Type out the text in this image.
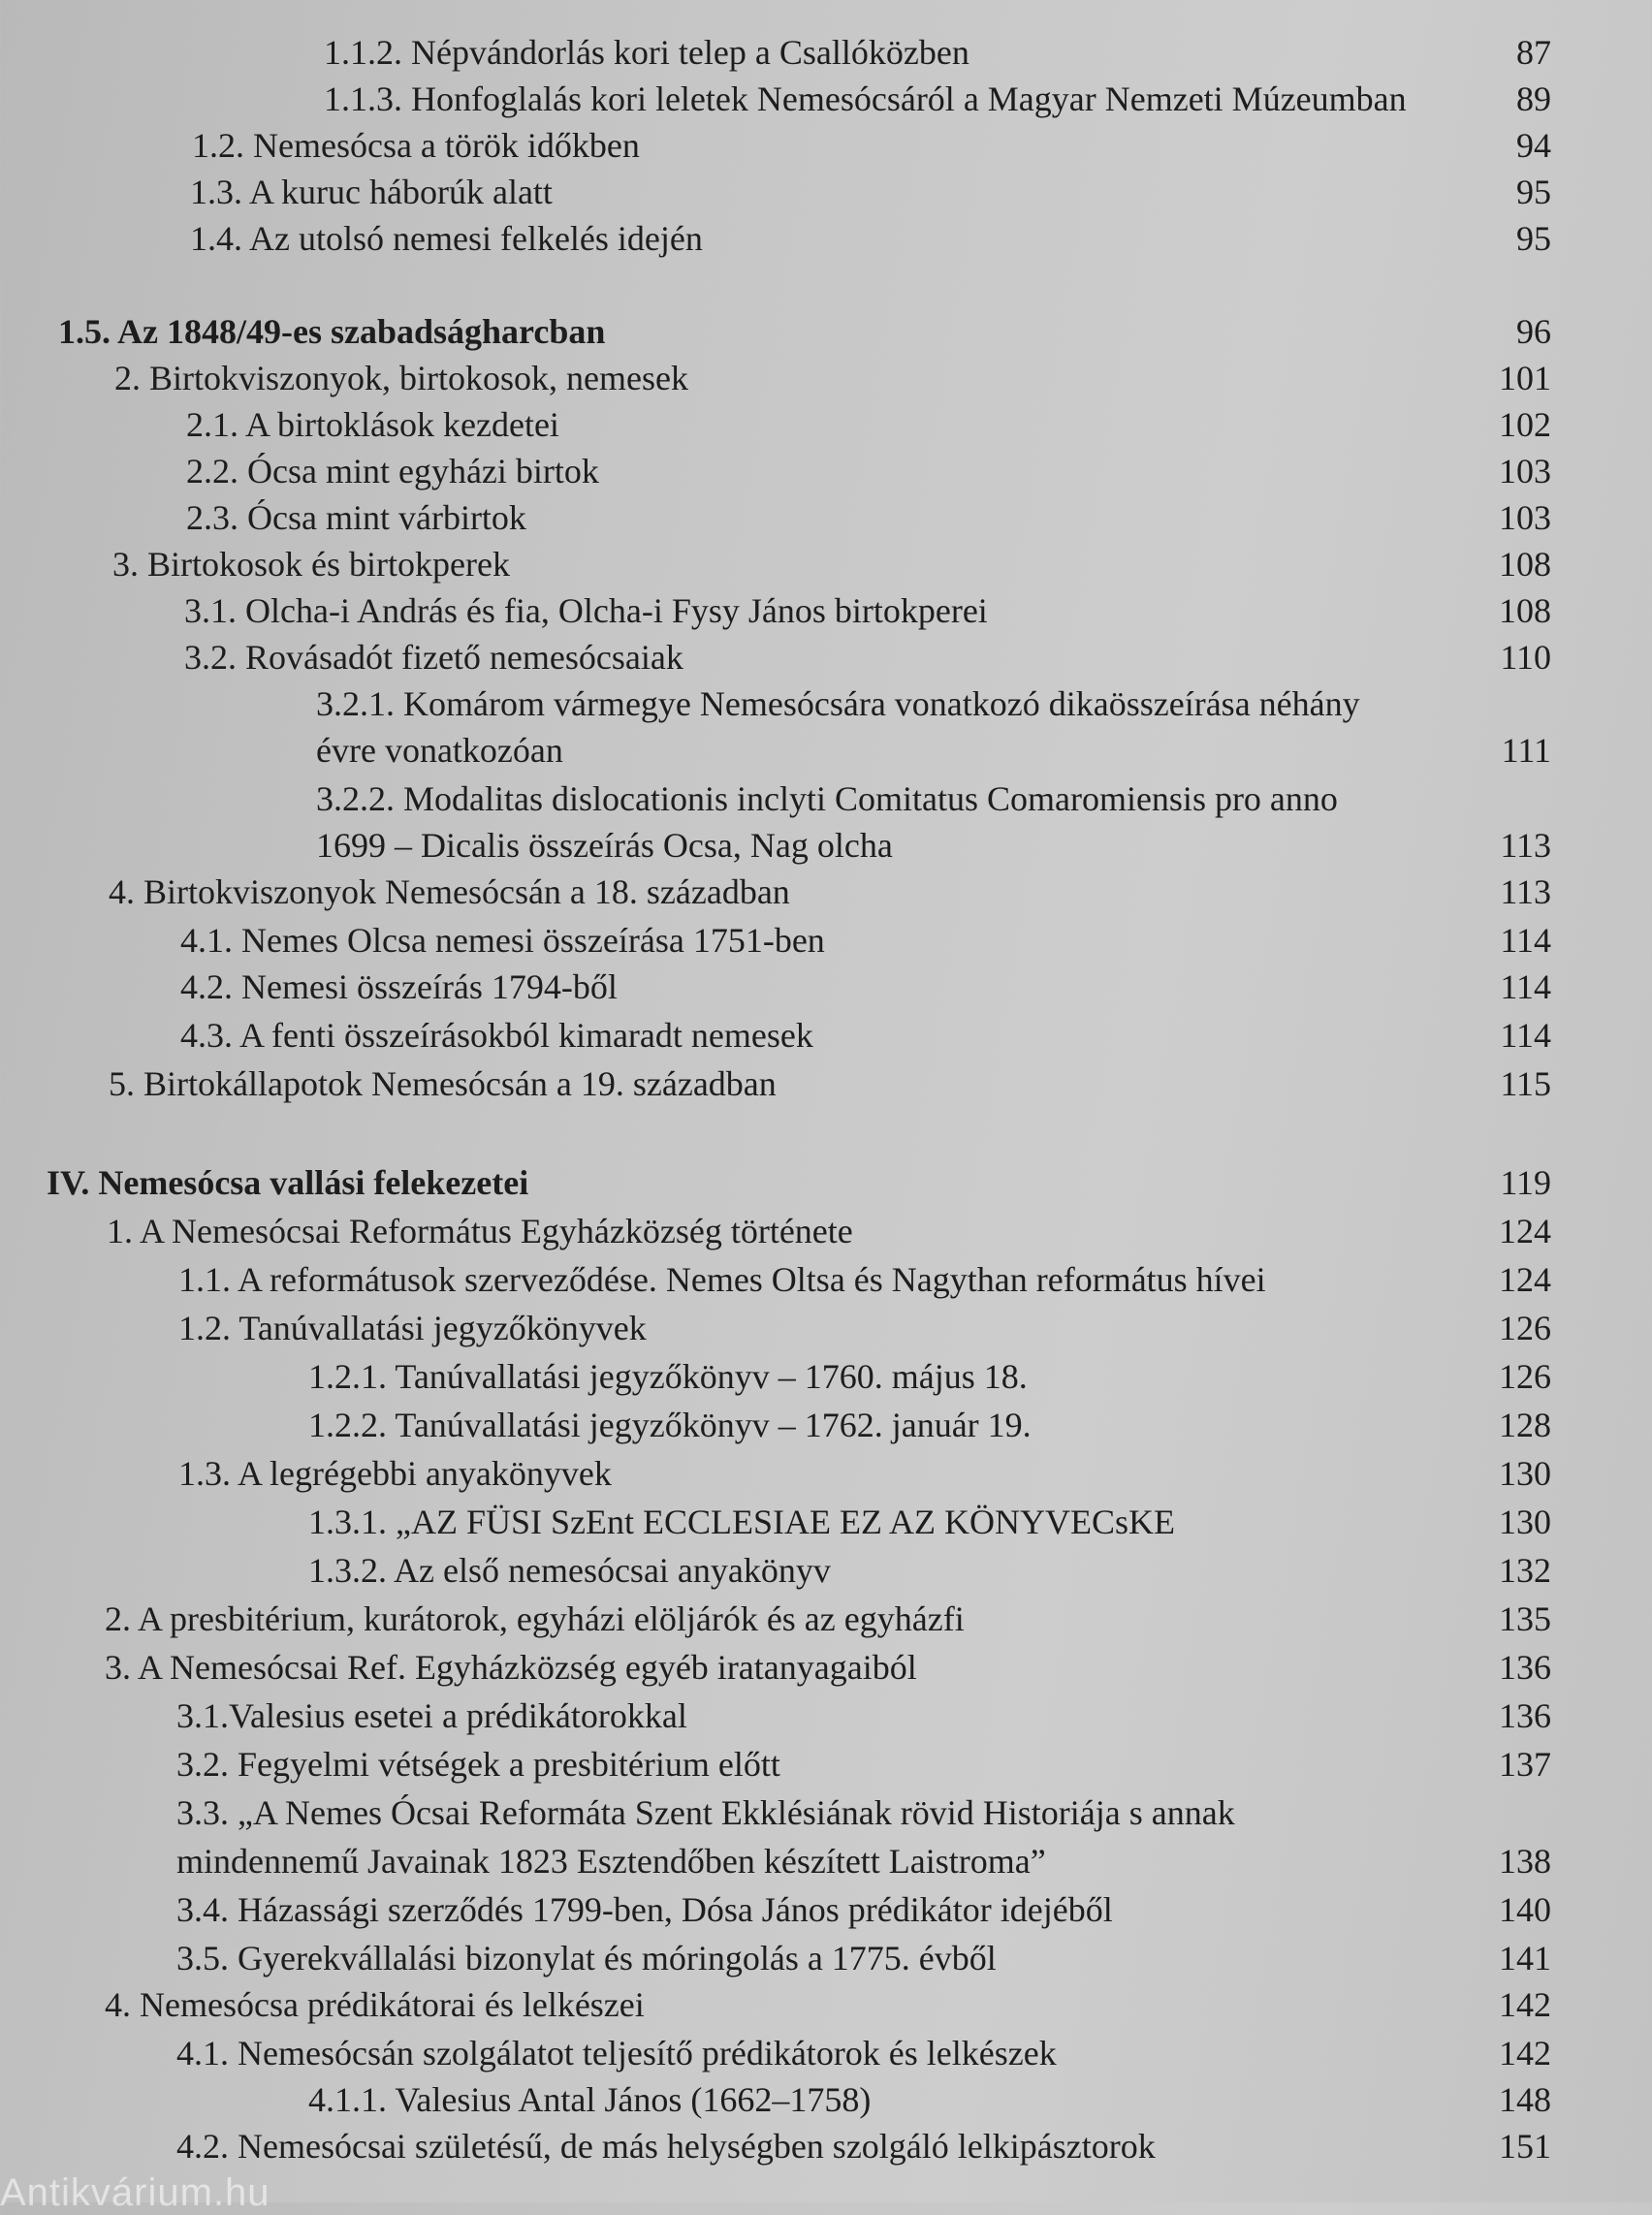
1.1.2. Népvándorlás kori telep a Csallóközben	87
1.1.3. Honfoglalás kori leletek Nemesócsáról a Magyar Nemzeti Múzeumban	89
1.2. Nemesócsa a török időkben	94
1.3. A kuruc háborúk alatt	95
1.4. Az utolsó nemesi felkelés idején	95
1.5. Az 1848/49-es szabadságharcban	96
2. Birtokviszonyok, birtokosok, nemesek	101
2.1. A birtoklások kezdetei	102
2.2. Ócsa mint egyházi birtok	103
2.3. Ócsa mint várbirtok	103
3. Birtokosok és birtokperek	108
3.1. Olcha-i András és fia, Olcha-i Fysy János birtokperei	108
3.2. Rovásadót fizető nemesócsaiak	110
3.2.1. Komárom vármegye Nemesócsára vonatkozó dikaösszeírása néhány
évre vonatkozóan	111
3.2.2. Modalitas dislocationis inclyti Comitatus Comaromiensis pro anno
1699 – Dicalis összeírás Ocsa, Nag olcha	113
4. Birtokviszonyok Nemesócsán a 18. században	113
4.1. Nemes Olcsa nemesi összeírása 1751-ben	114
4.2. Nemesi összeírás 1794-ből	114
4.3. A fenti összeírásokból kimaradt nemesek	114
5. Birtokállapotok Nemesócsán a 19. században	115
IV. Nemesócsa vallási felekezetei	119
1. A Nemesócsai Református Egyházközség története	124
1.1. A reformátusok szerveződése. Nemes Oltsa és Nagythan református hívei	124
1.2. Tanúvallatási jegyzőkönyvek	126
1.2.1. Tanúvallatási jegyzőkönyv – 1760. május 18.	126
1.2.2. Tanúvallatási jegyzőkönyv – 1762. január 19.	128
1.3. A legrégebbi anyakönyvek	130
1.3.1. „AZ FÜSI SzEnt ECCLESIAE EZ AZ KÖNYVECsKE	130
1.3.2. Az első nemesócsai anyakönyv	132
2. A presbitérium, kurátorok, egyházi elöljárók és az egyházfi	135
3. A Nemesócsai Ref. Egyházközség egyéb iratanyagaiból	136
3.1.Valesius esetei a prédikátorokkal	136
3.2. Fegyelmi vétségek a presbitérium előtt	137
3.3. „A Nemes Ócsai Reformáta Szent Ekklésiának rövid Historiája s annak
mindennemű Javainak 1823 Esztendőben készített Laistroma”	138
3.4. Házassági szerződés 1799-ben, Dósa János prédikátor idejéből	140
3.5. Gyerekvállalási bizonylat és móringolás a 1775. évből	141
4. Nemesócsa prédikátorai és lelkészei	142
4.1. Nemesócsán szolgálatot teljesítő prédikátorok és lelkészek	142
4.1.1. Valesius Antal János (1662–1758)	148
4.2. Nemesócsai születésű, de más helységben szolgáló lelkipásztorok	151
Antikvárium.hu
